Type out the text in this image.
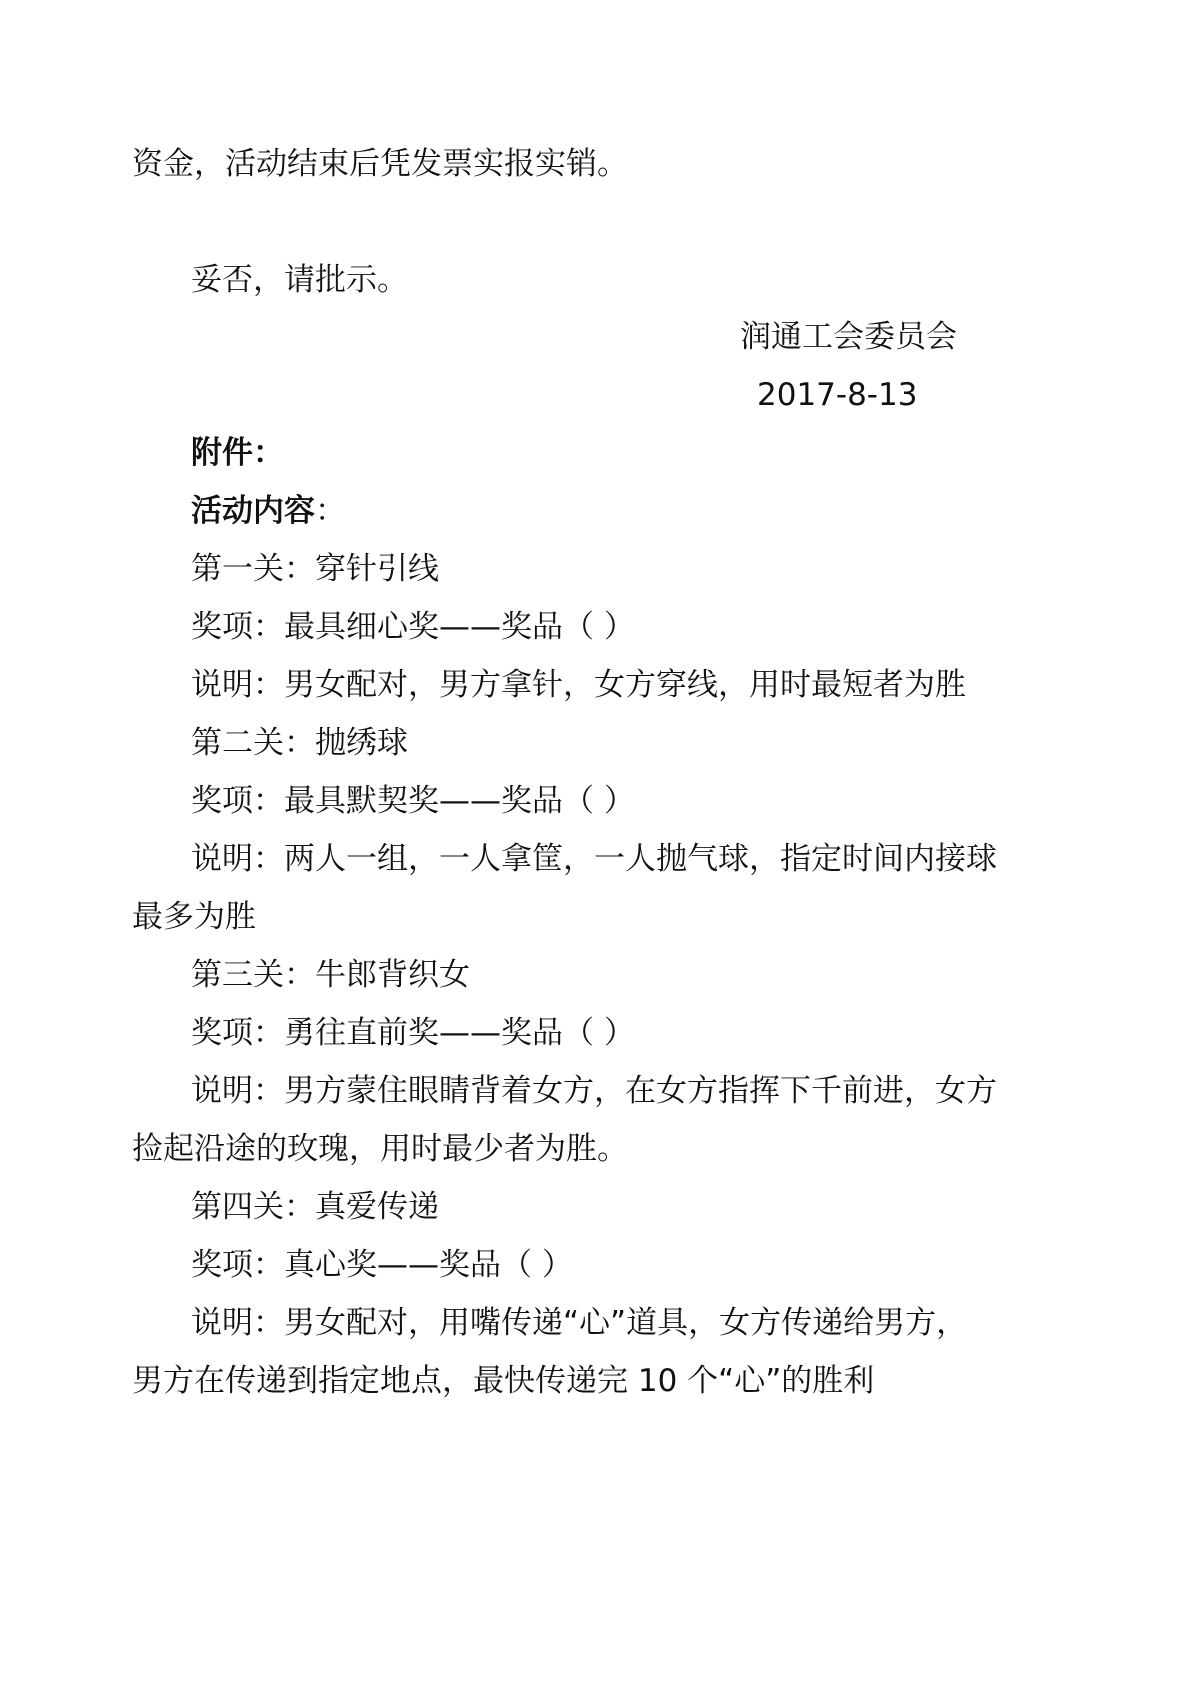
资金，活动结束后凭发票实报实销。
妥否，请批示。
润通工会委员会
2017-8-13
附件：
活动内容：
第一关：穿针引线
奖项：最具细心奖——奖品（ ）
说明：男女配对，男方拿针，女方穿线，用时最短者为胜
第二关：抛绣球
奖项：最具默契奖——奖品（ ）
说明：两人一组，一人拿筐，一人抛气球，指定时间内接球
最多为胜
第三关：牛郎背织女
奖项：勇往直前奖——奖品（ ）
说明：男方蒙住眼睛背着女方，在女方指挥下千前进，女方
捡起沿途的玫瑰，用时最少者为胜。
第四关：真爱传递
奖项：真心奖——奖品（ ）
说明：男女配对，用嘴传递“心”道具，女方传递给男方，
男方在传递到指定地点，最快传递完 10 个“心”的胜利
